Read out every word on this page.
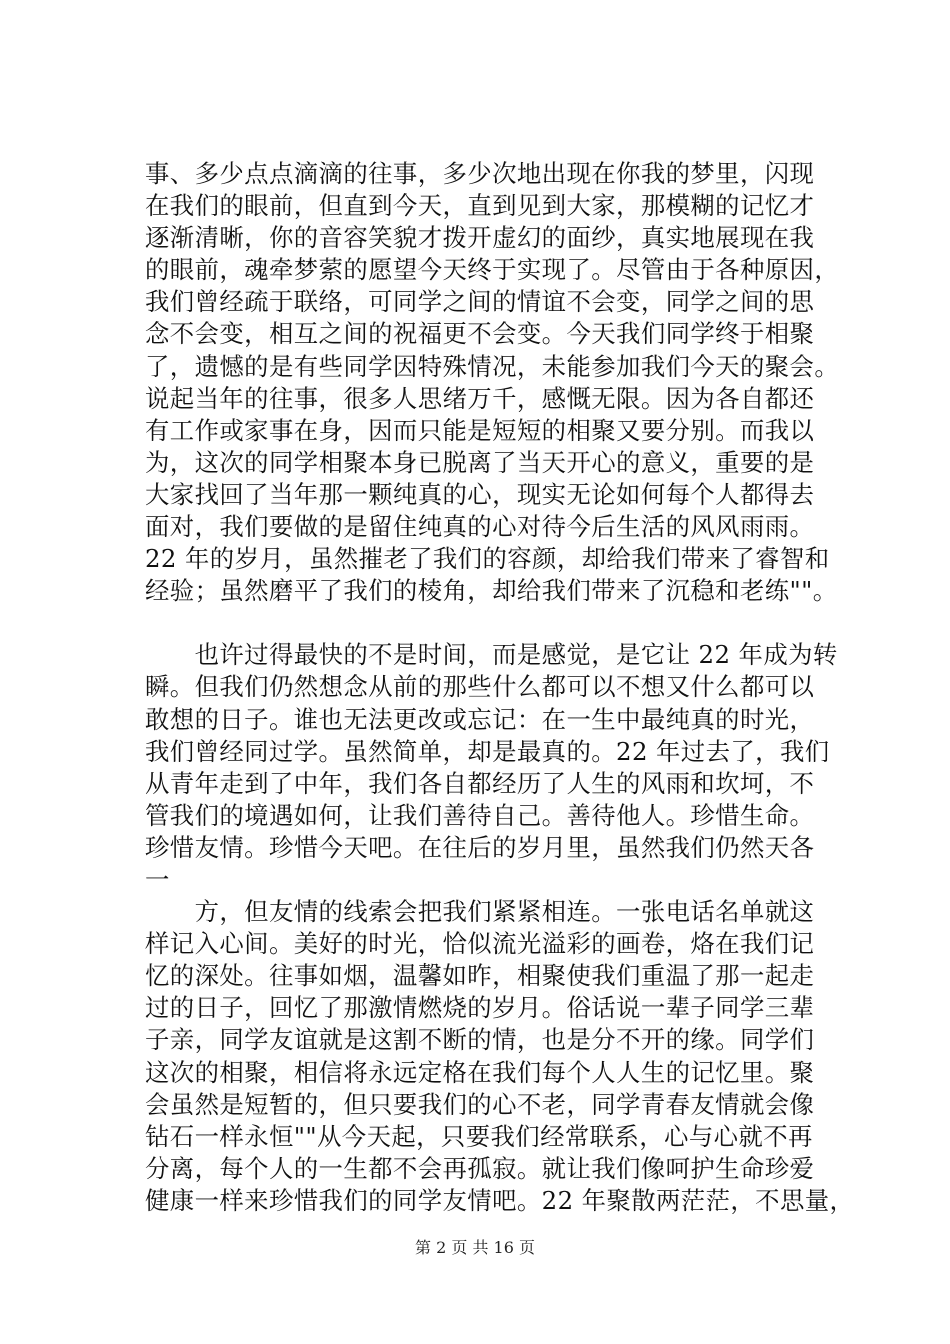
事、多少点点滴滴的往事，多少次地出现在你我的梦里，闪现
在我们的眼前，但直到今天，直到见到大家，那模糊的记忆才
逐渐清晰，你的音容笑貌才拨开虚幻的面纱，真实地展现在我
的眼前，魂牵梦萦的愿望今天终于实现了。尽管由于各种原因，
我们曾经疏于联络，可同学之间的情谊不会变，同学之间的思
念不会变，相互之间的祝福更不会变。今天我们同学终于相聚
了，遗憾的是有些同学因特殊情况，未能参加我们今天的聚会。
说起当年的往事，很多人思绪万千，感慨无限。因为各自都还
有工作或家事在身，因而只能是短短的相聚又要分别。而我以
为，这次的同学相聚本身已脱离了当天开心的意义，重要的是
大家找回了当年那一颗纯真的心，现实无论如何每个人都得去
面对，我们要做的是留住纯真的心对待今后生活的风风雨雨。
22 年的岁月，虽然摧老了我们的容颜，却给我们带来了睿智和
经验；虽然磨平了我们的棱角，却给我们带来了沉稳和老练""。
　　也许过得最快的不是时间，而是感觉，是它让 22 年成为转
瞬。但我们仍然想念从前的那些什么都可以不想又什么都可以
敢想的日子。谁也无法更改或忘记：在一生中最纯真的时光，
我们曾经同过学。虽然简单，却是最真的。22 年过去了，我们
从青年走到了中年，我们各自都经历了人生的风雨和坎坷，不
管我们的境遇如何，让我们善待自己。善待他人。珍惜生命。
珍惜友情。珍惜今天吧。在往后的岁月里，虽然我们仍然天各
一
　　方，但友情的线索会把我们紧紧相连。一张电话名单就这
样记入心间。美好的时光，恰似流光溢彩的画卷，烙在我们记
忆的深处。往事如烟，温馨如昨，相聚使我们重温了那一起走
过的日子，回忆了那激情燃烧的岁月。俗话说一辈子同学三辈
子亲，同学友谊就是这割不断的情，也是分不开的缘。同学们
这次的相聚，相信将永远定格在我们每个人人生的记忆里。聚
会虽然是短暂的，但只要我们的心不老，同学青春友情就会像
钻石一样永恒""从今天起，只要我们经常联系，心与心就不再
分离，每个人的一生都不会再孤寂。就让我们像呵护生命珍爱
健康一样来珍惜我们的同学友情吧。22 年聚散两茫茫，不思量，
第 2 页 共 16 页
